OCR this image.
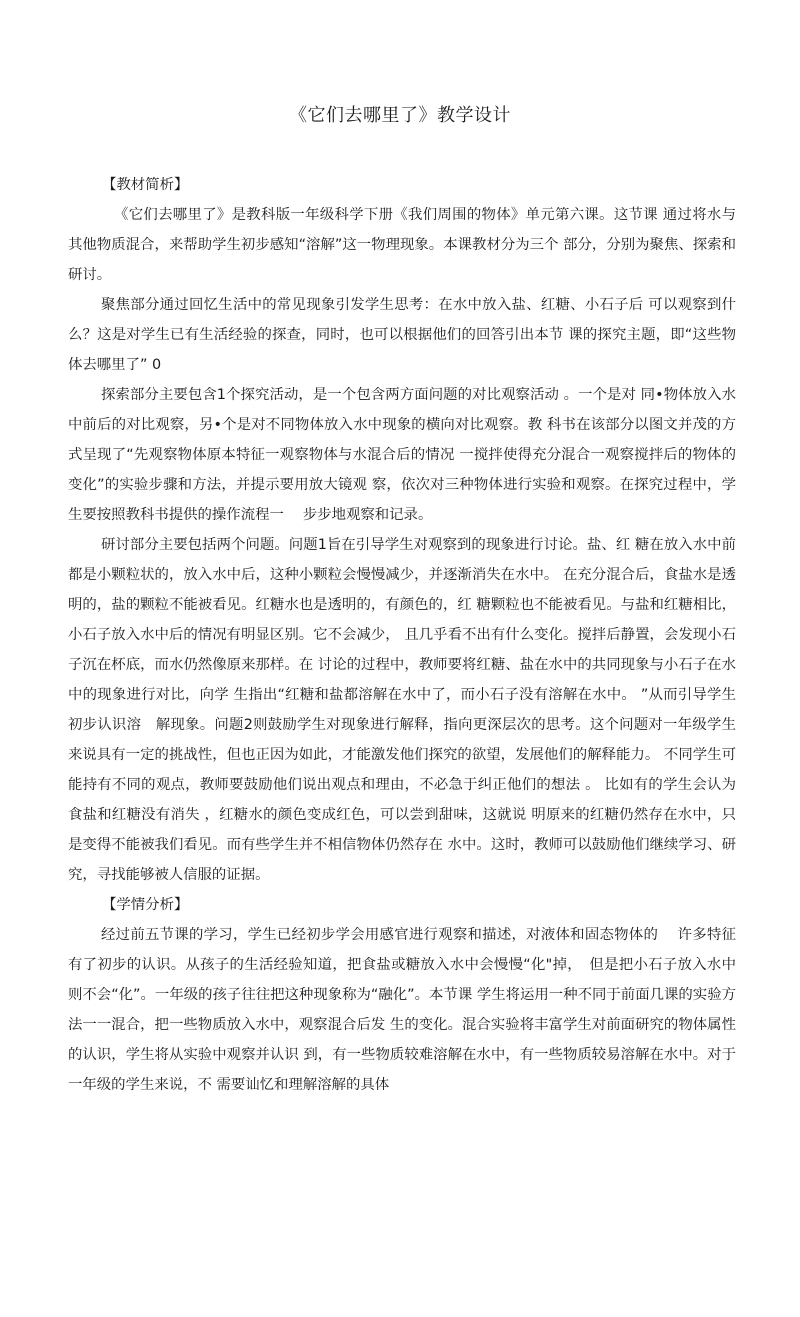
《它们去哪里了》教学设计

【教材简析】

《它们去哪里了》是教科版一年级科学下册《我们周围的物体》单元第六课。这节课 通过将水与其他物质混合，来帮助学生初步感知“溶解”这一物理现象。本课教材分为三个 部分，分别为聚焦、探索和研讨。

聚焦部分通过回忆生活中的常见现象引发学生思考：在水中放入盐、红糖、小石子后 可以观察到什么？这是对学生已有生活经验的探查，同时，也可以根据他们的回答引出本节 课的探究主题，即“这些物体去哪里了” 0

探索部分主要包含1个探究活动，是一个包含两方面问题的对比观察活动 。一个是对 同•物体放入水中前后的对比观察，另•个是对不同物体放入水中现象的横向对比观察。教 科书在该部分以图文并茂的方式呈现了“先观察物体原本特征一观察物体与水混合后的情况 一搅拌使得充分混合一观察搅拌后的物体的变化”的实验步骤和方法，并提示要用放大镜观 察，依次对三种物体进行实验和观察。在探究过程中，学生要按照教科书提供的操作流程一　 步步地观察和记录。

研讨部分主要包括两个问题。问题1旨在引导学生对观察到的现象进行讨论。盐、红 糖在放入水中前都是小颗粒状的，放入水中后，这种小颗粒会慢慢减少，并逐渐消失在水中。 在充分混合后，食盐水是透明的，盐的颗粒不能被看见。红糖水也是透明的，有颜色的，红 糖颗粒也不能被看见。与盐和红糖相比，小石子放入水中后的情况有明显区别。它不会减少， 且几乎看不出有什么变化。搅拌后静置，会发现小石子沉在杯底，而水仍然像原来那样。在 讨论的过程中，教师要将红糖、盐在水中的共同现象与小石子在水中的现象进行对比，向学 生指出“红糖和盐都溶解在水中了，而小石子没有溶解在水中。 ”从而引导学生初步认识溶　解现象。问题2则鼓励学生对现象进行解释，指向更深层次的思考。这个问题对一年级学生 来说具有一定的挑战性，但也正因为如此，才能激发他们探究的欲望，发展他们的解释能力。 不同学生可能持有不同的观点，教师要鼓励他们说出观点和理由，不必急于纠正他们的想法 。 比如有的学生会认为食盐和红糖没有消失 ，红糖水的颜色变成红色，可以尝到甜味，这就说 明原来的红糖仍然存在水中，只是变得不能被我们看见。而有些学生并不相信物体仍然存在 水中。这时，教师可以鼓励他们继续学习、研究，寻找能够被人信服的证据。

【学情分析】

经过前五节课的学习，学生已经初步学会用感官进行观察和描述，对液体和固态物体的　 许多特征有了初步的认识。从孩子的生活经验知道，把食盐或糖放入水中会慢慢“化"掉，　但是把小石子放入水中则不会“化”。一年级的孩子往往把这种现象称为“融化”。本节课 学生将运用一种不同于前面几课的实验方法一一混合，把一些物质放入水中，观察混合后发 生的变化。混合实验将丰富学生对前面研究的物体属性的认识，学生将从实验中观察并认识 到，有一些物质较难溶解在水中，有一些物质较易溶解在水中。对于一年级的学生来说，不 需要讪忆和理解溶解的具体
